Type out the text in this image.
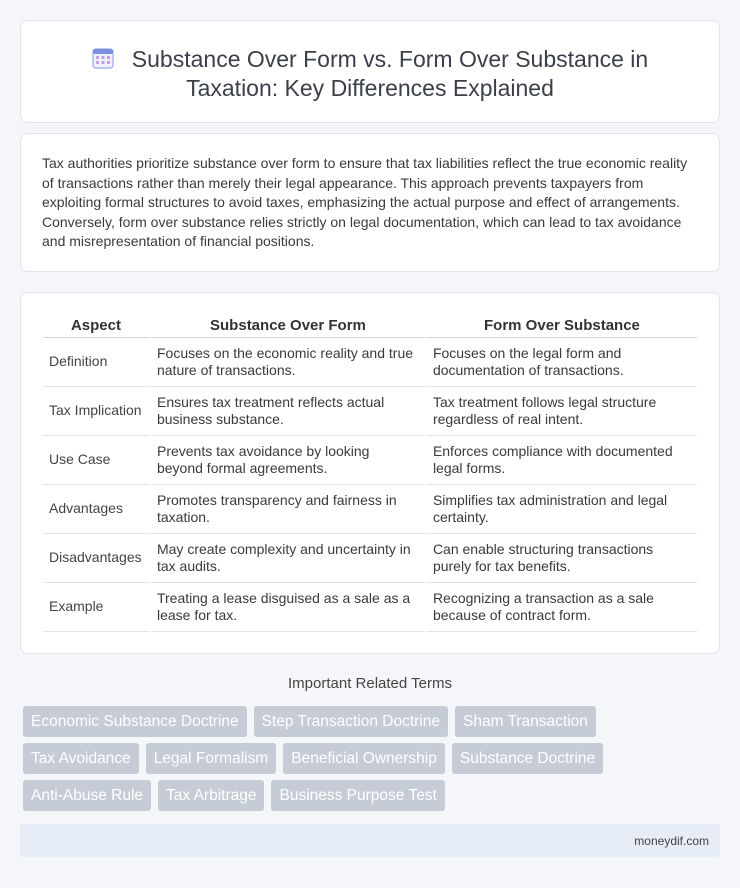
Substance Over Form vs. Form Over Substance in
Taxation: Key Differences Explained

Tax authorities prioritize substance over form to ensure that tax liabilities reflect the true economic reality of transactions rather than merely their legal appearance. This approach prevents taxpayers from exploiting formal structures to avoid taxes, emphasizing the actual purpose and effect of arrangements. Conversely, form over substance relies strictly on legal documentation, which can lead to tax avoidance and misrepresentation of financial positions.

Aspect	Substance Over Form	Form Over Substance
Definition	Focuses on the economic reality and true nature of transactions.	Focuses on the legal form and documentation of transactions.
Tax Implication	Ensures tax treatment reflects actual business substance.	Tax treatment follows legal structure regardless of real intent.
Use Case	Prevents tax avoidance by looking beyond formal agreements.	Enforces compliance with documented legal forms.
Advantages	Promotes transparency and fairness in taxation.	Simplifies tax administration and legal certainty.
Disadvantages	May create complexity and uncertainty in tax audits.	Can enable structuring transactions purely for tax benefits.
Example	Treating a lease disguised as a sale as a lease for tax.	Recognizing a transaction as a sale because of contract form.
Important Related Terms
Economic Substance Doctrine	Step Transaction Doctrine	Sham Transaction
Tax Avoidance	Legal Formalism	Beneficial Ownership	Substance Doctrine
Anti-Abuse Rule	Tax Arbitrage	Business Purpose Test
moneydif.com
